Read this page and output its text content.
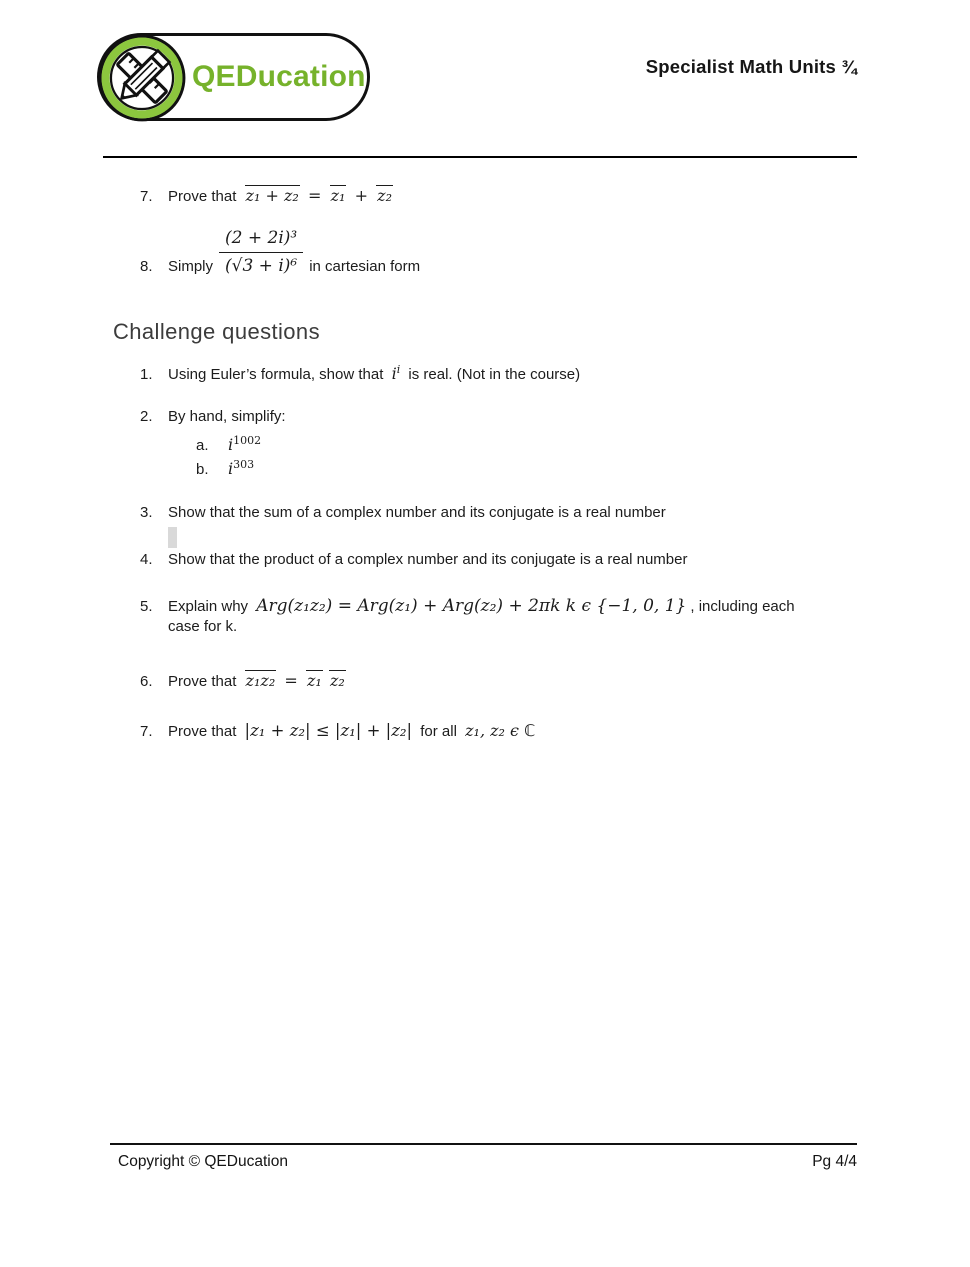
QEDucation	Specialist Math Units ¾
7.	Prove that z₁ + z₂ = z₁ + z₂
8.	Simply $\frac{\text{(2 + 2i)³}}{\text{(√3 + i)⁶}}$ in cartesian form
Challenge questions
1.	Using Euler’s formula, show that $i^i$ is real. (Not in the course)
2.	By hand, simplify:
a.	$i^{1002}$
b.	$i^{303}$
3.	Show that the sum of a complex number and its conjugate is a real number
4.	Show that the product of a complex number and its conjugate is a real number
5.	Explain why Arg(z₁z₂) = Arg(z₁) + Arg(z₂) + 2πk k ϵ {−1, 0, 1} , including each
case for k.
6.	Prove that z₁z₂ = z₁ z₂
7.	Prove that |z₁ + z₂| ≤ |z₁| + |z₂| for all z₁, z₂ ϵ ℂ
Copyright © QEDucation	Pg 4/4
